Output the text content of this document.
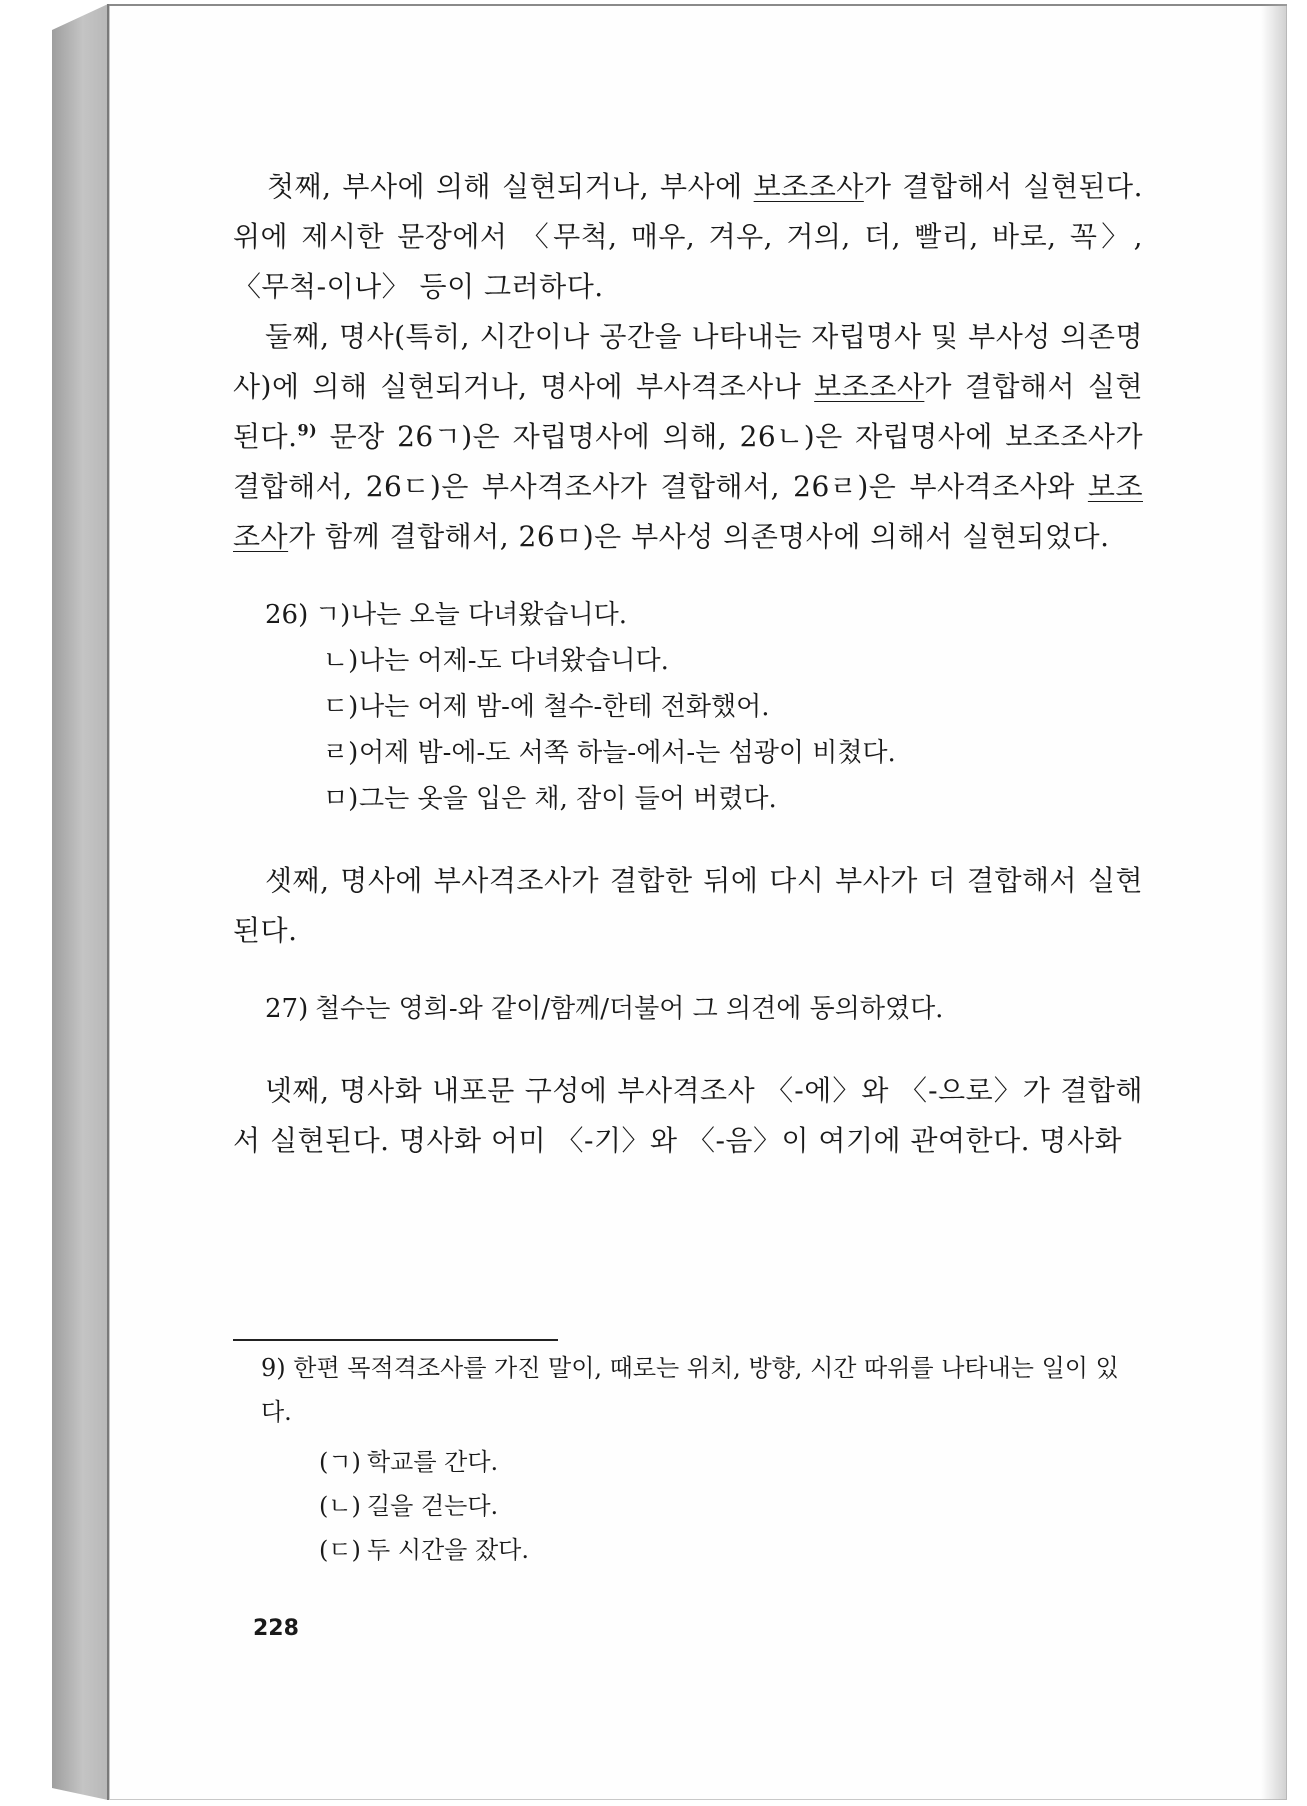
첫째, 부사에 의해 실현되거나, 부사에 보조조사가 결합해서 실현된다. 위에 제시한 문장에서 〈무척, 매우, 겨우, 거의, 더, 빨리, 바로, 꼭〉, 〈무척-이나〉 등이 그러하다.

둘째, 명사(특히, 시간이나 공간을 나타내는 자립명사 및 부사성 의존명사)에 의해 실현되거나, 명사에 부사격조사나 보조조사가 결합해서 실현된다.$^{9)}$ 문장 26ㄱ)은 자립명사에 의해, 26ㄴ)은 자립명사에 보조조사가 결합해서, 26ㄷ)은 부사격조사가 결합해서, 26ㄹ)은 부사격조사와 보조조사가 함께 결합해서, 26ㅁ)은 부사성 의존명사에 의해서 실현되었다.

26) ㄱ)나는 오늘 다녀왔습니다.

ㄴ)나는 어제-도 다녀왔습니다.

ㄷ)나는 어제 밤-에 철수-한테 전화했어.

ㄹ)어제 밤-에-도 서쪽 하늘-에서-는 섬광이 비쳤다.

ㅁ)그는 옷을 입은 채, 잠이 들어 버렸다.

셋째, 명사에 부사격조사가 결합한 뒤에 다시 부사가 더 결합해서 실현된다.

27) 철수는 영희-와 같이/함께/더불어 그 의견에 동의하였다.

넷째, 명사화 내포문 구성에 부사격조사 〈-에〉와 〈-으로〉가 결합해서 실현된다. 명사화 어미 〈-기〉와 〈-음〉이 여기에 관여한다. 명사화

9) 한편 목적격조사를 가진 말이, 때로는 위치, 방향, 시간 따위를 나타내는 일이 있다.

(ㄱ) 학교를 간다.

(ㄴ) 길을 걷는다.

(ㄷ) 두 시간을 잤다.

228
